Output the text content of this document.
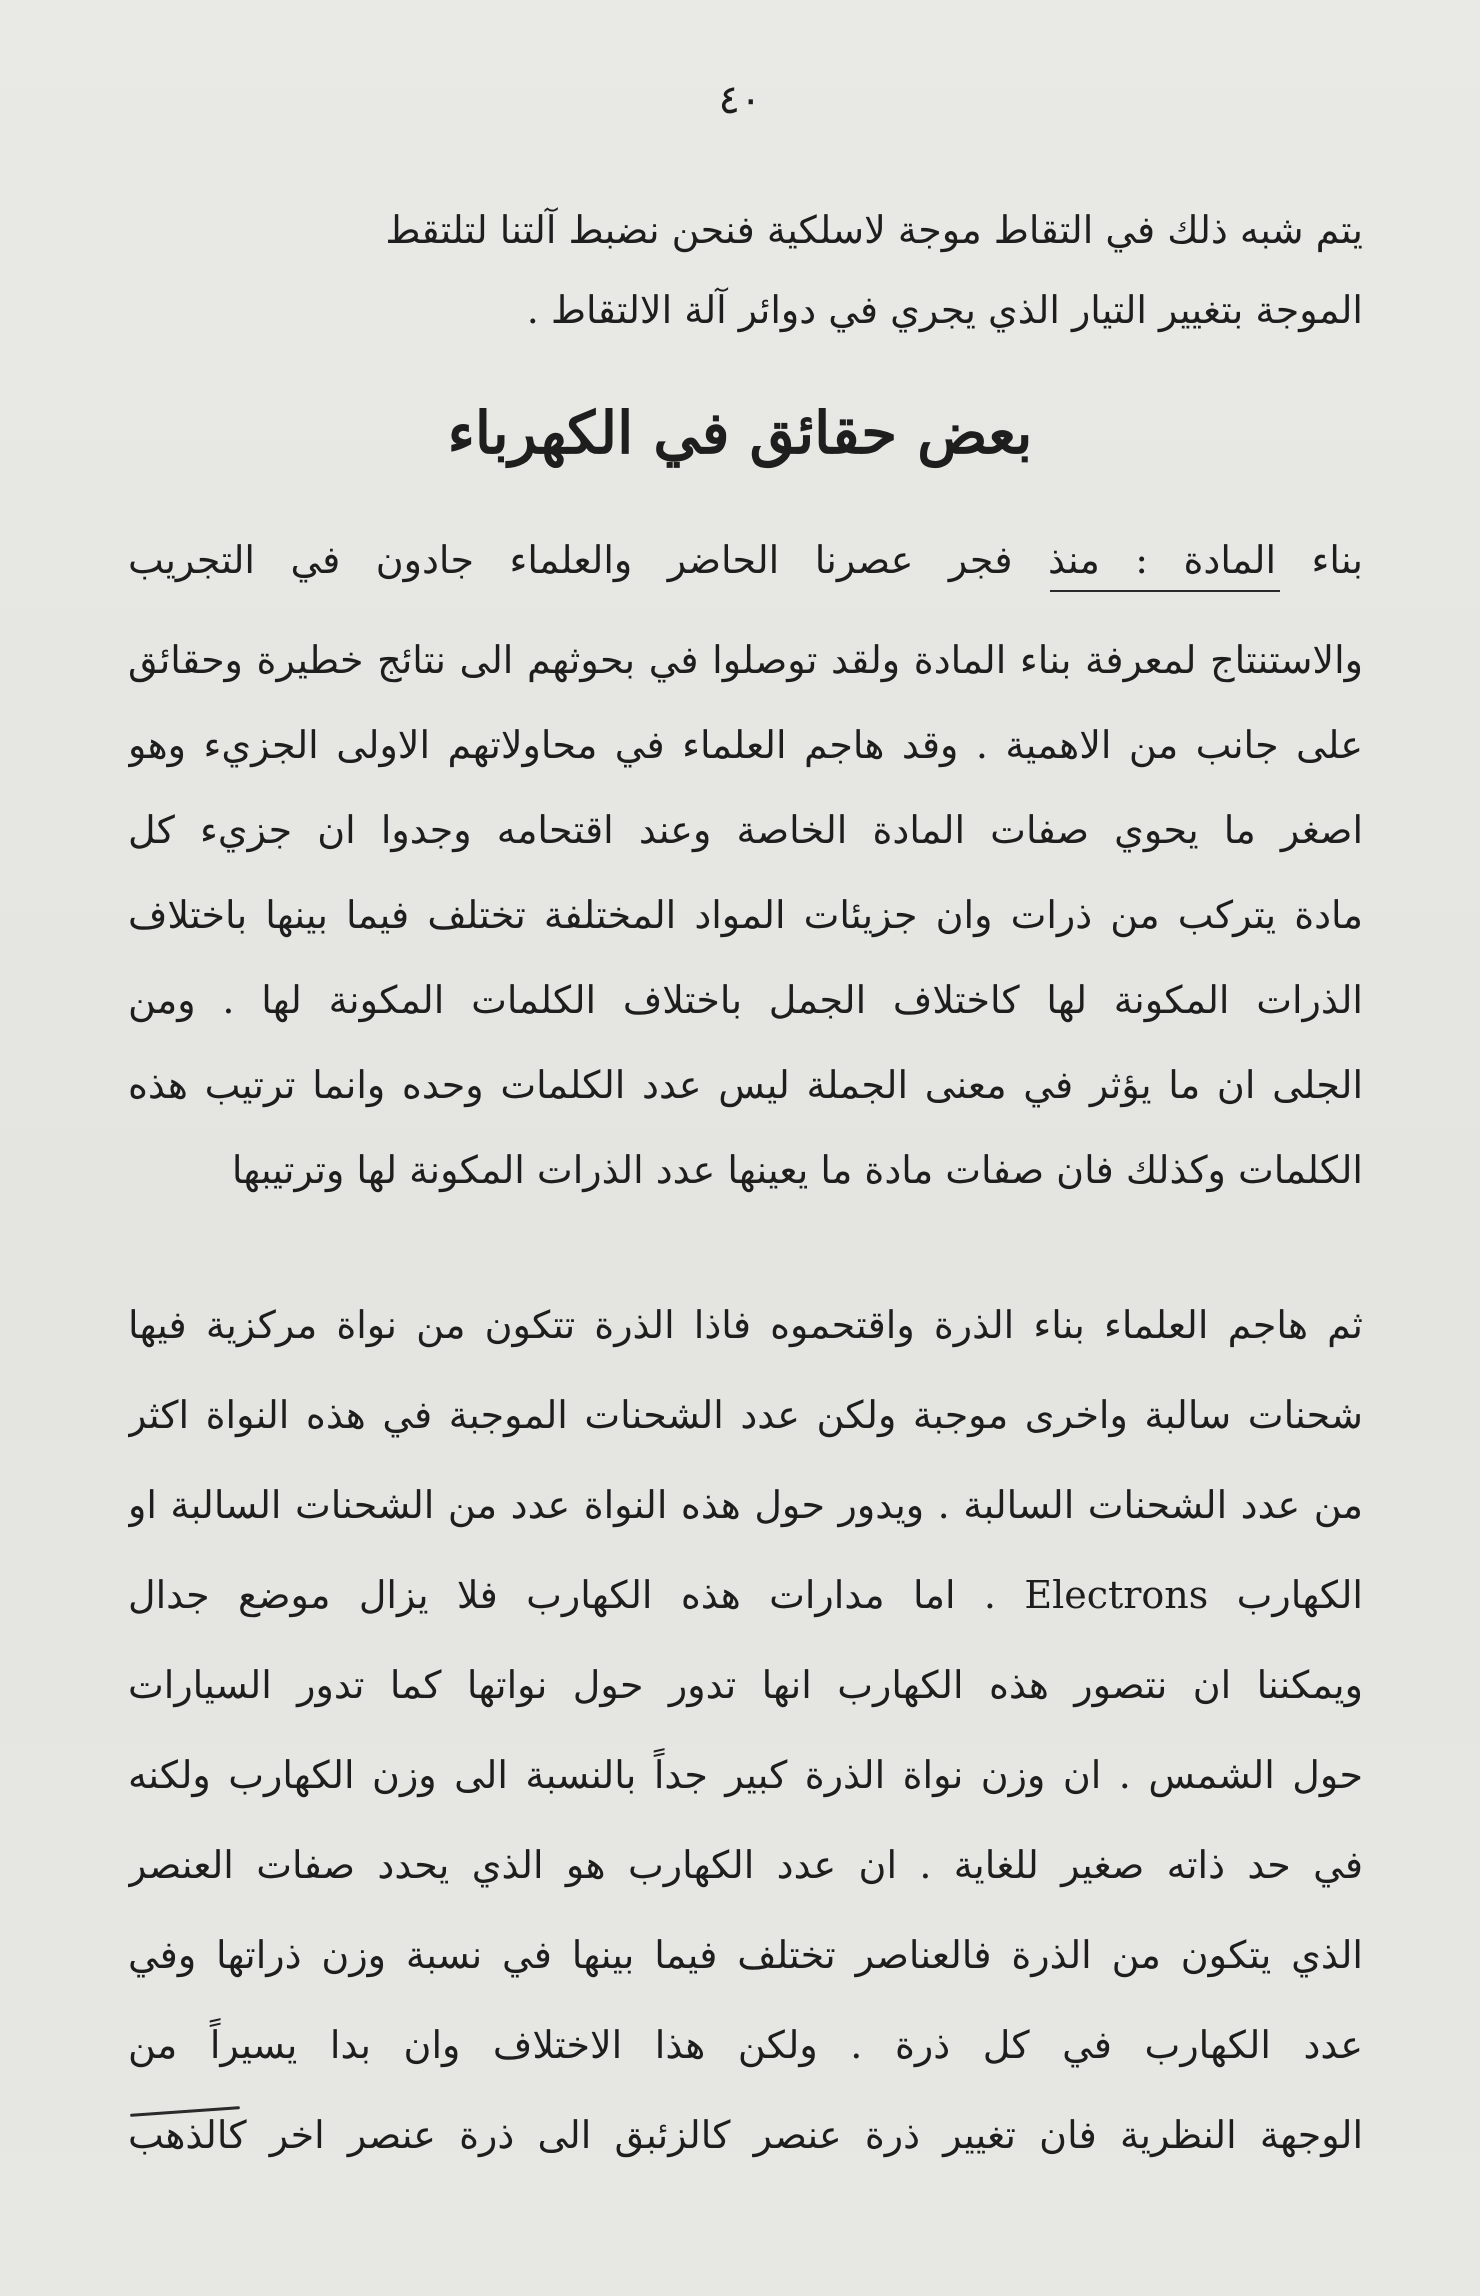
٤٠
يتم شبه ذلك في التقاط موجة لاسلكية فنحن نضبط آلتنا لتلتقط
الموجة بتغيير التيار الذي يجري في دوائر آلة الالتقاط .
بعض حقائق في الكهرباء
بناء المادة : منذ فجر عصرنا الحاضر والعلماء جادون في التجريب
والاستنتاج لمعرفة بناء المادة ولقد توصلوا في بحوثهم الى نتائج خطيرة وحقائق
على جانب من الاهمية . وقد هاجم العلماء في محاولاتهم الاولى الجزيء وهو
اصغر ما يحوي صفات المادة الخاصة وعند اقتحامه وجدوا ان جزيء كل
مادة يتركب من ذرات وان جزيئات المواد المختلفة تختلف فيما بينها باختلاف
الذرات المكونة لها كاختلاف الجمل باختلاف الكلمات المكونة لها . ومن
الجلى ان ما يؤثر في معنى الجملة ليس عدد الكلمات وحده وانما ترتيب هذه
الكلمات وكذلك فان صفات مادة ما يعينها عدد الذرات المكونة لها وترتيبها
ثم هاجم العلماء بناء الذرة واقتحموه فاذا الذرة تتكون من نواة مركزية فيها
شحنات سالبة واخرى موجبة ولكن عدد الشحنات الموجبة في هذه النواة اكثر
من عدد الشحنات السالبة . ويدور حول هذه النواة عدد من الشحنات السالبة او
الكهارب Electrons . اما مدارات هذه الكهارب فلا يزال موضع جدال
ويمكننا ان نتصور هذه الكهارب انها تدور حول نواتها كما تدور السيارات
حول الشمس . ان وزن نواة الذرة كبير جداً بالنسبة الى وزن الكهارب ولكنه
في حد ذاته صغير للغاية . ان عدد الكهارب هو الذي يحدد صفات العنصر
الذي يتكون من الذرة فالعناصر تختلف فيما بينها في نسبة وزن ذراتها وفي
عدد الكهارب في كل ذرة . ولكن هذا الاختلاف وان بدا يسيراً من
الوجهة النظرية فان تغيير ذرة عنصر كالزئبق الى ذرة عنصر اخر كالذهب
